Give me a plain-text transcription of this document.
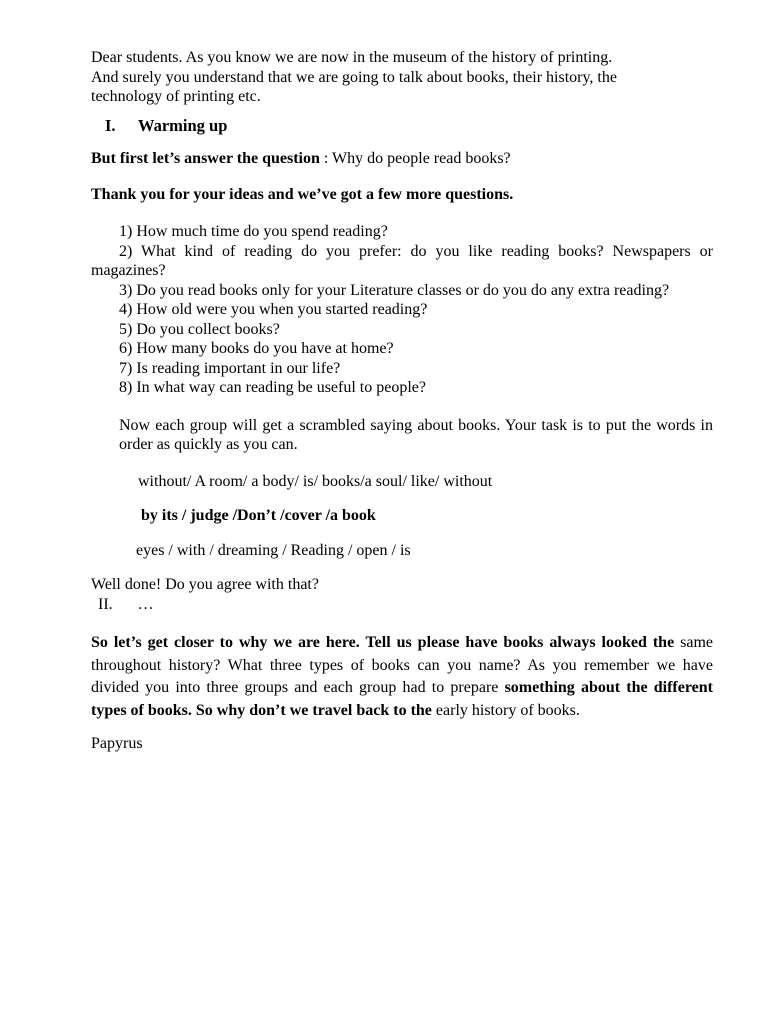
Dear students. As you know we are now in the museum of the history of printing.
And surely you understand that we are going to talk about books, their history, the
technology of printing etc.

I. Warming up

But first let’s answer the question : Why do people read books?

Thank you for your ideas and we’ve got a few more questions.

1) How much time do you spend reading?
2) What kind of reading do you prefer: do you like reading books? Newspapers or magazines?
3) Do you read books only for your Literature classes or do you do any extra reading?
4) How old were you when you started reading?
5) Do you collect books?
6) How many books do you have at home?
7) Is reading important in our life?
8) In what way can reading be useful to people?

Now each group will get a scrambled saying about books. Your task is to put the words in order as quickly as you can.

without/ A room/ a body/ is/ books/a soul/ like/ without

by its / judge /Don’t /cover /a book

eyes / with / dreaming / Reading / open / is

Well done! Do you agree with that?

II. …

So let’s get closer to why we are here. Tell us please have books always looked the same throughout history? What three types of books can you name? As you remember we have divided you into three groups and each group had to prepare something about the different types of books. So why don’t we travel back to the early history of books.

Papyrus
